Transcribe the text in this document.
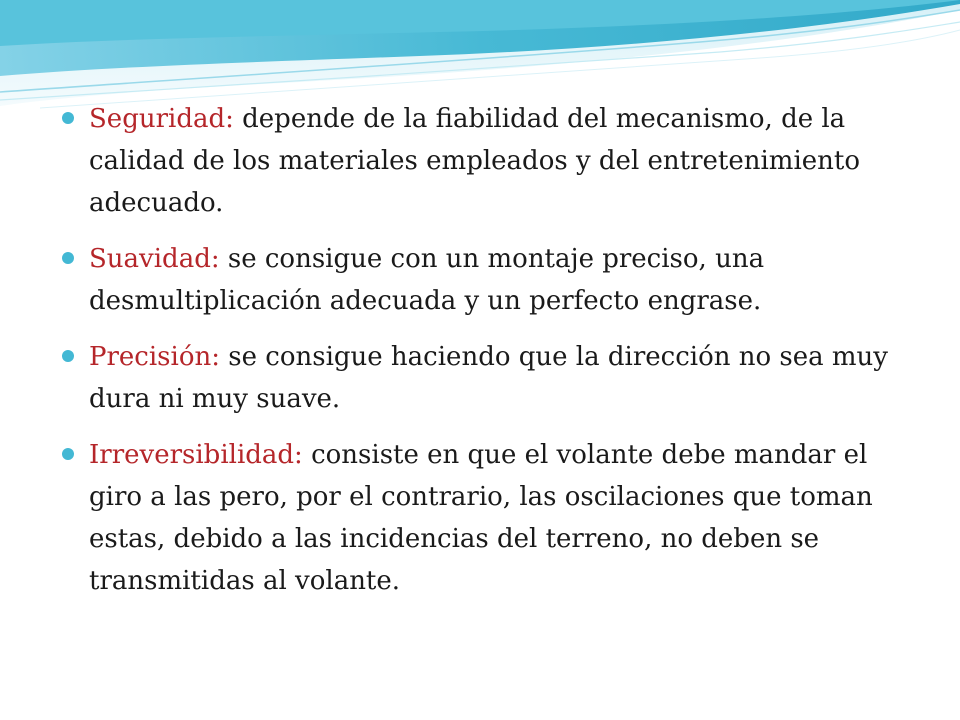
Seguridad: depende de la fiabilidad del mecanismo, de la calidad de los materiales empleados y del entretenimiento adecuado.
Suavidad: se consigue con un montaje preciso, una desmultiplicación adecuada y un perfecto engrase.
Precisión: se consigue haciendo que la dirección no sea muy dura ni muy suave.
Irreversibilidad: consiste en que el volante debe mandar el giro a las pero, por el contrario, las oscilaciones que toman estas, debido a las incidencias del terreno, no deben se transmitidas al volante.
